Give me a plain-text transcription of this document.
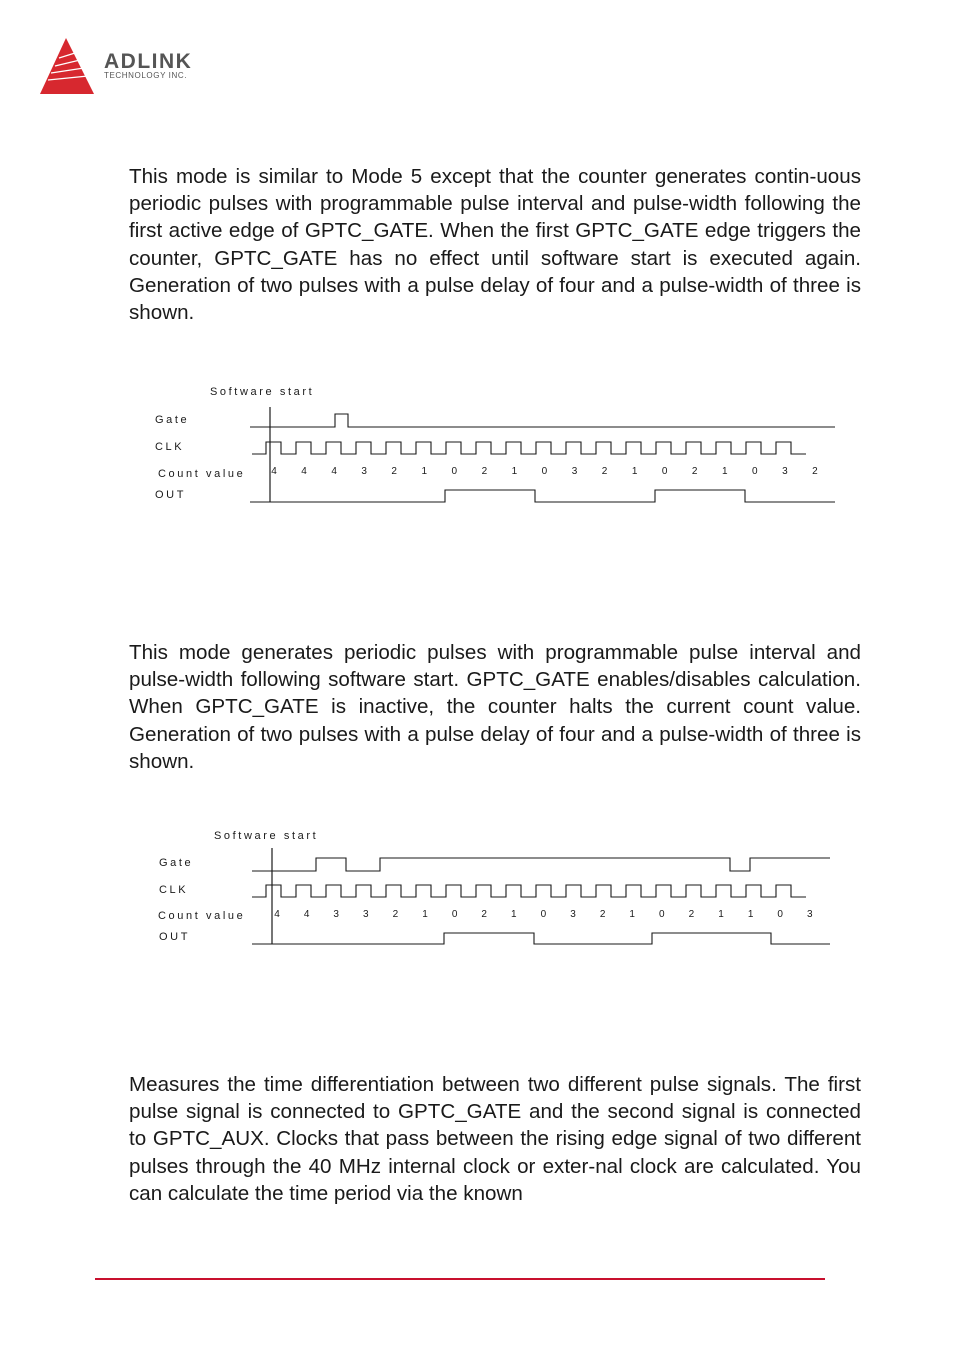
ADLINK
TECHNOLOGY INC.

This mode is similar to Mode 5 except that the counter generates contin-uous periodic pulses with programmable pulse interval and pulse-width following the first active edge of GPTC_GATE. When the first GPTC_GATE edge triggers the counter, GPTC_GATE has no effect until software start is executed again. Generation of two pulses with a pulse delay of four and a pulse-width of three is shown.

Software start
Gate
CLK
Count value
OUT
4 4 4 3 2 1 0 2 1 0 3 2 1 0 2 1 0 3 2

This mode generates periodic pulses with programmable pulse interval and pulse-width following software start. GPTC_GATE enables/disables calculation. When GPTC_GATE is inactive, the counter halts the current count value. Generation of two pulses with a pulse delay of four and a pulse-width of three is shown.

Software start
Gate
CLK
Count value
OUT
4 4 3 3 2 1 0 2 1 0 3 2 1 0 2 1 1 0 3

Measures the time differentiation between two different pulse signals. The first pulse signal is connected to GPTC_GATE and the second signal is connected to GPTC_AUX. Clocks that pass between the rising edge signal of two different pulses through the 40 MHz internal clock or exter-nal clock are calculated. You can calculate the time period via the known
